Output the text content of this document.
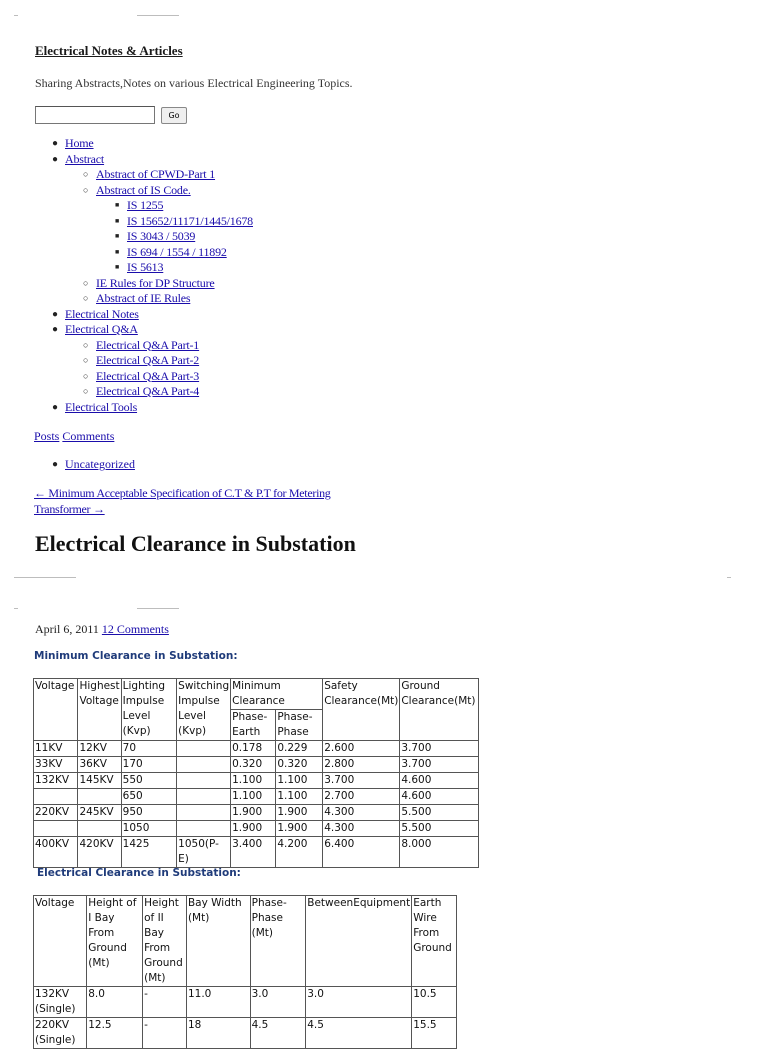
Electrical Notes & Articles

Sharing Abstracts,Notes on various Electrical Engineering Topics.

Go
● Home
● Abstract
○ Abstract of CPWD-Part 1
○ Abstract of IS Code.
■ IS 1255
■ IS 15652/11171/1445/1678
■ IS 3043 / 5039
■ IS 694 / 1554 / 11892
■ IS 5613
○ IE Rules for DP Structure
○ Abstract of IE Rules
● Electrical Notes
● Electrical Q&A
○ Electrical Q&A Part-1
○ Electrical Q&A Part-2
○ Electrical Q&A Part-3
○ Electrical Q&A Part-4
● Electrical Tools
Posts Comments
● Uncategorized
← Minimum Acceptable Specification of C.T & P.T for Metering Transformer →
Electrical Clearance in Substation
April 6, 2011 12 Comments
Minimum Clearance in Substation:
Voltage	Highest Voltage	Lighting Impulse Level (Kvp)	Switching Impulse Level (Kvp)	Minimum Clearance		Safety Clearance(Mt)	Ground Clearance(Mt)
				Phase-Earth	Phase-Phase		
11KV	12KV	70		0.178	0.229	2.600	3.700
33KV	36KV	170		0.320	0.320	2.800	3.700
132KV	145KV	550		1.100	1.100	3.700	4.600
		650		1.100	1.100	2.700	4.600
220KV	245KV	950		1.900	1.900	4.300	5.500
		1050		1.900	1.900	4.300	5.500
400KV	420KV	1425	1050(P-E)	3.400	4.200	6.400	8.000
Electrical Clearance in Substation:
Voltage	Height of I Bay From Ground (Mt)	Height of II Bay From Ground (Mt)	Bay Width (Mt)	Phase-Phase (Mt)	BetweenEquipment	Earth Wire From Ground
132KV (Single)	8.0	-	11.0	3.0	3.0	10.5
220KV (Single)	12.5	-	18	4.5	4.5	15.5
